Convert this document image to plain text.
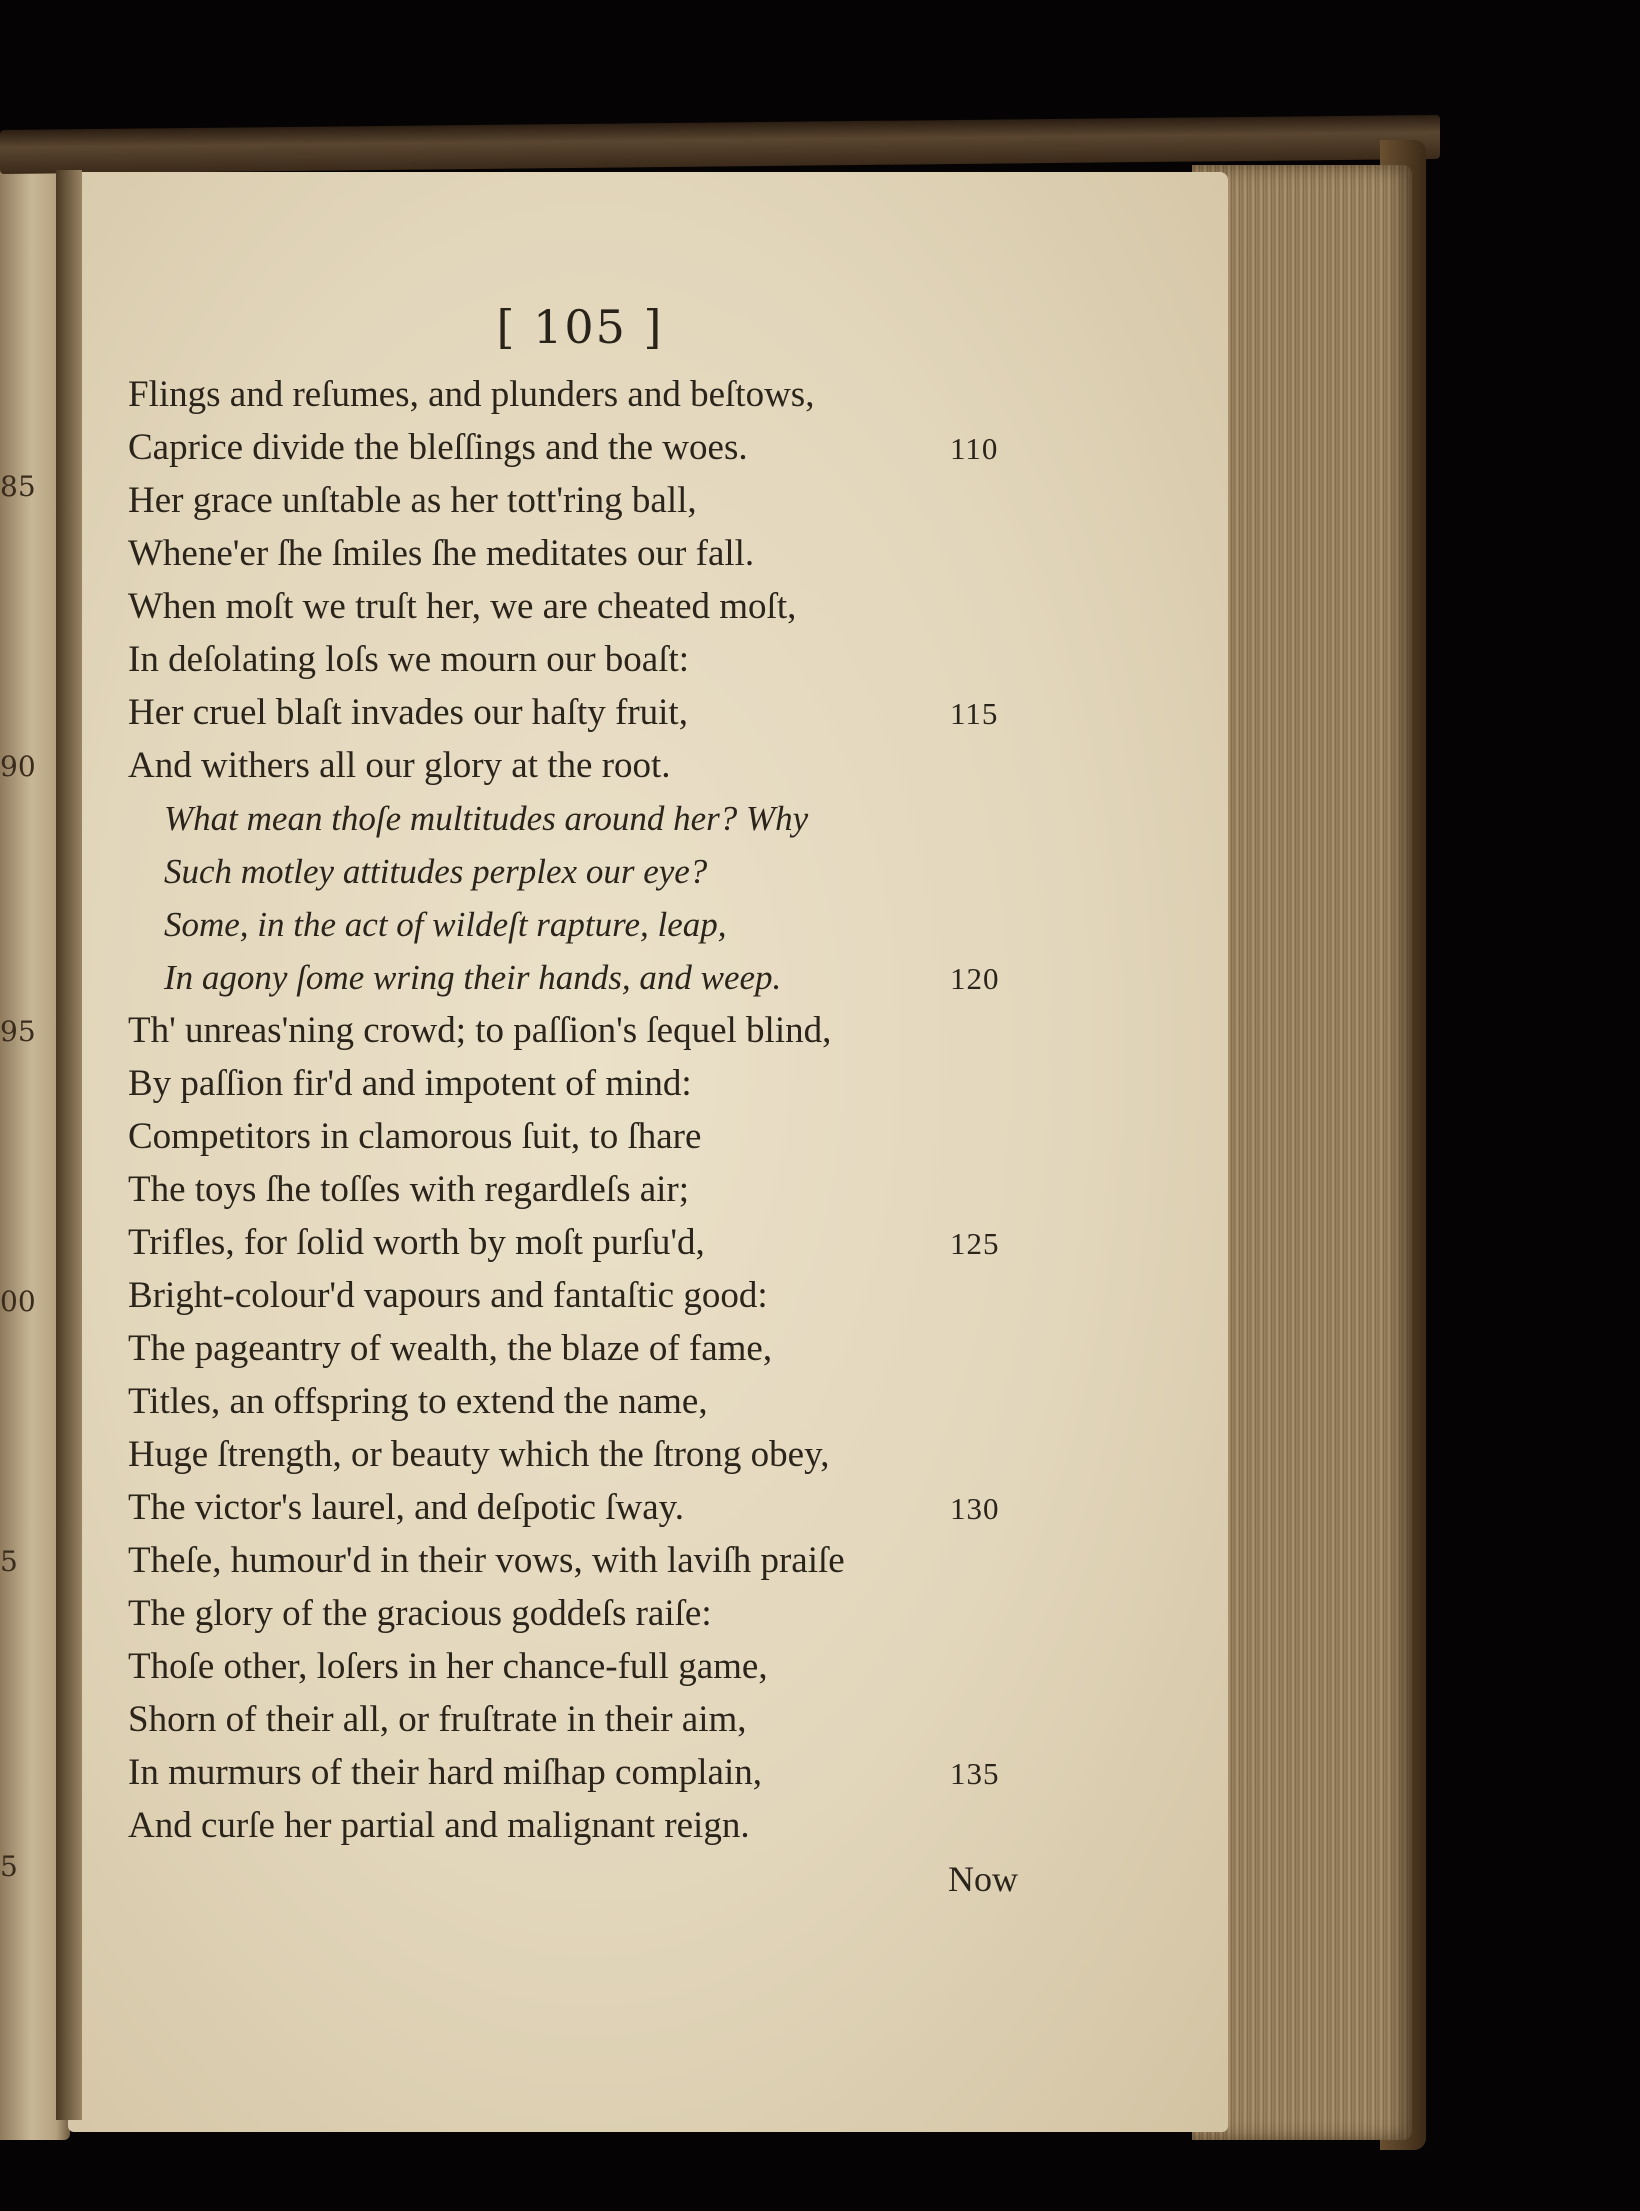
85
90
95
00
5
5
[ 105 ]
Flings and reſumes, and plunders and beſtows,
Caprice divide the bleſſings and the woes.
Her grace unſtable as her tott'ring ball,
Whene'er ſhe ſmiles ſhe meditates our fall.
When moſt we truſt her, we are cheated moſt,
In deſolating loſs we mourn our boaſt:
Her cruel blaſt invades our haſty fruit,
And withers all our glory at the root.
What mean thoſe multitudes around her? Why
Such motley attitudes perplex our eye?
Some, in the act of wildeſt rapture, leap,
In agony ſome wring their hands, and weep.
Th' unreas'ning crowd; to paſſion's ſequel blind,
By paſſion fir'd and impotent of mind:
Competitors in clamorous ſuit, to ſhare
The toys ſhe toſſes with regardleſs air;
Trifles, for ſolid worth by moſt purſu'd,
Bright-colour'd vapours and fantaſtic good:
The pageantry of wealth, the blaze of fame,
Titles, an offspring to extend the name,
Huge ſtrength, or beauty which the ſtrong obey,
The victor's laurel, and deſpotic ſway.
Theſe, humour'd in their vows, with laviſh praiſe
The glory of the gracious goddeſs raiſe:
Thoſe other, loſers in her chance-full game,
Shorn of their all, or fruſtrate in their aim,
In murmurs of their hard miſhap complain,
And curſe her partial and malignant reign.
110
115
120
125
130
135
Now
